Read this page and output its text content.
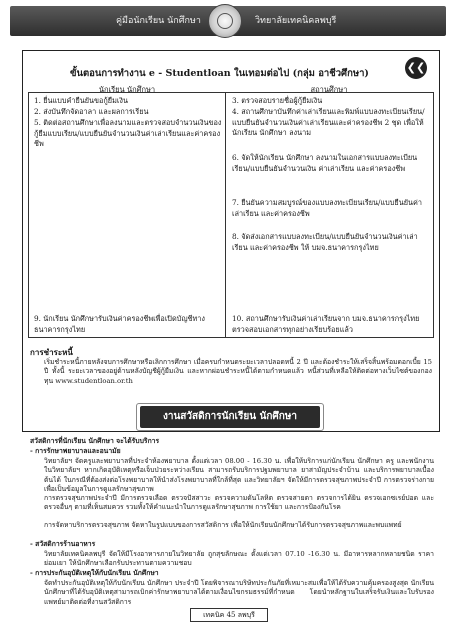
คู่มือนักเรียน นักศึกษา	วิทยาลัยเทคนิคลพบุรี
❮❮
ขั้นตอนการทำงาน e - Studentloan ในเทอมต่อไป (กลุ่ม อาชีวศึกษา)
นักเรียน นักศึกษา	สถานศึกษา
1. ยื่นแบบคำยืนยันขอกู้ยืมเงิน
2. ส่งบันทึกจัดอาลา และผลการเรียน
5. ติดต่อสถานศึกษาเพื่อลงนามและตรวจสอบจำนวนเงินของกู้ยืมแบบเรียน/แบบยืนยันจำนวนเงินค่าเล่าเรียนและค่าครองชีพ
9. นักเรียน นักศึกษารับเงินค่าครองชีพเพื่อเปิดบัญชีทางธนาคารกรุงไทย
3. ตรวจสอบรายชื่อผู้กู้ยืมเงิน
4. สถานศึกษาบันทึกค่าเล่าเรียนและพิมพ์แบบลงทะเบียนเรียน/แบบยืนยันจำนวนเงินค่าเล่าเรียนและค่าครองชีพ 2 ชุด เพื่อให้นักเรียน นักศึกษา ลงนาม
6. จัดให้นักเรียน นักศึกษา ลงนามในเอกสารแบบลงทะเบียนเรียน/แบบยืนยันจำนวนเงิน ค่าเล่าเรียน และค่าครองชีพ
7. ยืนยันความสมบูรณ์ของแบบลงทะเบียนเรียน/แบบยืนยันค่าเล่าเรียน และค่าครองชีพ
8. จัดส่งเอกสารแบบลงทะเบียน/แบบยืนยันจำนวนเงินค่าเล่าเรียน และค่าครองชีพ ให้ บมจ.ธนาคารกรุงไทย
10. สถานศึกษารับเงินค่าเล่าเรียนจาก บมจ.ธนาคารกรุงไทย ตรวจสอบเอกสารทุกอย่างเรียบร้อยแล้ว
การชำระหนี้
เริ่มชำระหนี้ภายหลังจบการศึกษาหรือเลิกการศึกษา เมื่อครบกำหนดระยะเวลาปลอดหนี้ 2 ปี และต้องชำระให้เสร็จสิ้นพร้อมดอกเบี้ย 15 ปี ทั้งนี้ ระยะเวลาของอยู่ด้านหลังบัญชีผู้กู้ยืมเงิน และหากผ่อนชำระหนี้ได้ตามกำหนดแล้ว หนี้ส่วนที่เหลือให้ติดต่อทางเว็บไซต์ของกองทุน www.studentloan.or.th
งานสวัสดิการนักเรียน นักศึกษา
สวัสดิการที่นักเรียน นักศึกษา จะได้รับบริการ
- การรักษาพยาบาลและอนามัย
วิทยาลัยฯ จัดครูและพยาบาลที่ประจำห้องพยาบาล ตั้งแต่เวลา 08.00 - 16.30 น. เพื่อให้บริการแก่นักเรียน นักศึกษา ครู และพนักงานในวิทยาลัยฯ หากเกิดอุบัติเหตุหรือเจ็บป่วยระหว่างเรียน สามารถรับบริการปฐมพยาบาล ยาสามัญประจำบ้าน และบริการพยาบาลเบื้องต้นได้ ในกรณีที่ต้องส่งต่อโรงพยาบาลให้นำส่งโรงพยาบาลที่ใกล้ที่สุด และวิทยาลัยฯ จัดให้มีการตรวจสุขภาพประจำปี การตรวจร่างกาย เพื่อเป็นข้อมูลในการดูแลรักษาสุขภาพ
การตรวจสุขภาพประจำปี มีการตรวจเลือด ตรวจปัสสาวะ ตรวจความดันโลหิต ตรวจสายตา ตรวจการได้ยิน ตรวจเอกซเรย์ปอด และตรวจอื่นๆ ตามที่เห็นสมควร รวมทั้งให้คำแนะนำในการดูแลรักษาสุขภาพ การใช้ยา และการป้องกันโรค
การจัดหาบริการตรวจสุขภาพ จัดหาในรูปแบบของการสวัสดิการ เพื่อให้นักเรียนนักศึกษาได้รับการตรวจสุขภาพและพบแพทย์
- สวัสดิการร้านอาหาร
วิทยาลัยเทคนิคลพบุรี จัดให้มีโรงอาหารภายในวิทยาลัย ถูกสุขลักษณะ ตั้งแต่เวลา 07.10 -16.30 น. มีอาหารหลากหลายชนิด ราคาย่อมเยา ให้นักศึกษาเลือกรับประทานตามความชอบ
- การประกันอุบัติเหตุให้กับนักเรียน นักศึกษา
จัดทำประกันอุบัติเหตุให้กับนักเรียน นักศึกษา ประจำปี โดยพิจารณาบริษัทประกันภัยที่เหมาะสมเพื่อให้ได้รับความคุ้มครองสูงสุด นักเรียน นักศึกษาที่ได้รับอุบัติเหตุสามารถเบิกค่ารักษาพยาบาลได้ตามเงื่อนไขกรมธรรม์ที่กำหนด โดยนำหลักฐานใบเสร็จรับเงินและใบรับรองแพทย์มาติดต่อที่งานสวัสดิการ
เทคนิค 45 ลพบุรี
